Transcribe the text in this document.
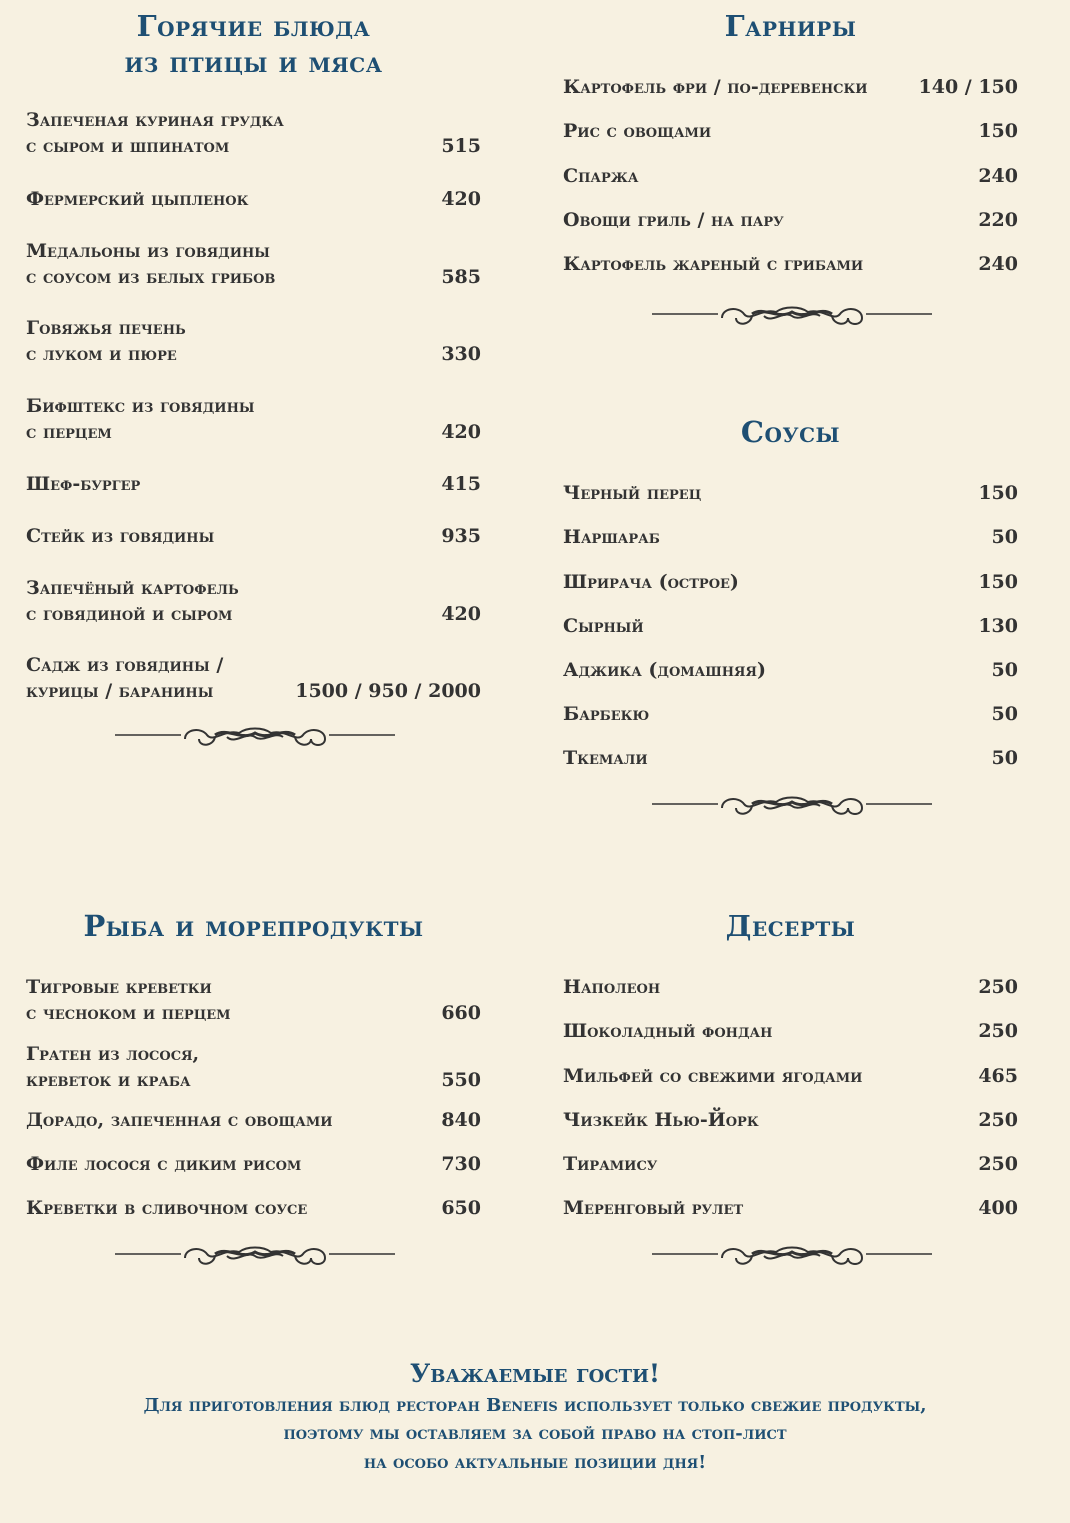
Горячие блюда
из птицы и мяса
Запеченая куриная грудка
с сыром и шпинатом	515
Фермерский цыпленок	420
Медальоны из говядины
с соусом из белых грибов	585
Говяжья печень
с луком и пюре	330
Бифштекс из говядины
с перцем	420
Шеф-бургер	415
Стейк из говядины	935
Запечёный картофель
с говядиной и сыром	420
Садж из говядины /
курицы / баранины	1500 / 950 / 2000
Гарниры
Картофель фри / по-деревенски	140 / 150
Рис с овощами	150
Спаржа	240
Овощи гриль / на пару	220
Картофель жареный с грибами	240
Соусы
Черный перец	150
Наршараб	50
Шрирача (острое)	150
Сырный	130
Аджика (домашняя)	50
Барбекю	50
Ткемали	50
Рыба и морепродукты
Тигровые креветки
с чесноком и перцем	660
Гратен из лосося,
креветок и краба	550
Дорадо, запеченная с овощами	840
Филе лосося с диким рисом	730
Креветки в сливочном соусе	650
Десерты
Наполеон	250
Шоколадный фондан	250
Мильфей со свежими ягодами	465
Чизкейк Нью-Йорк	250
Тирамису	250
Меренговый рулет	400
Уважаемые гости!
Для приготовления блюд ресторан Benefis использует только свежие продукты,
поэтому мы оставляем за собой право на стоп-лист
на особо актуальные позиции дня!
